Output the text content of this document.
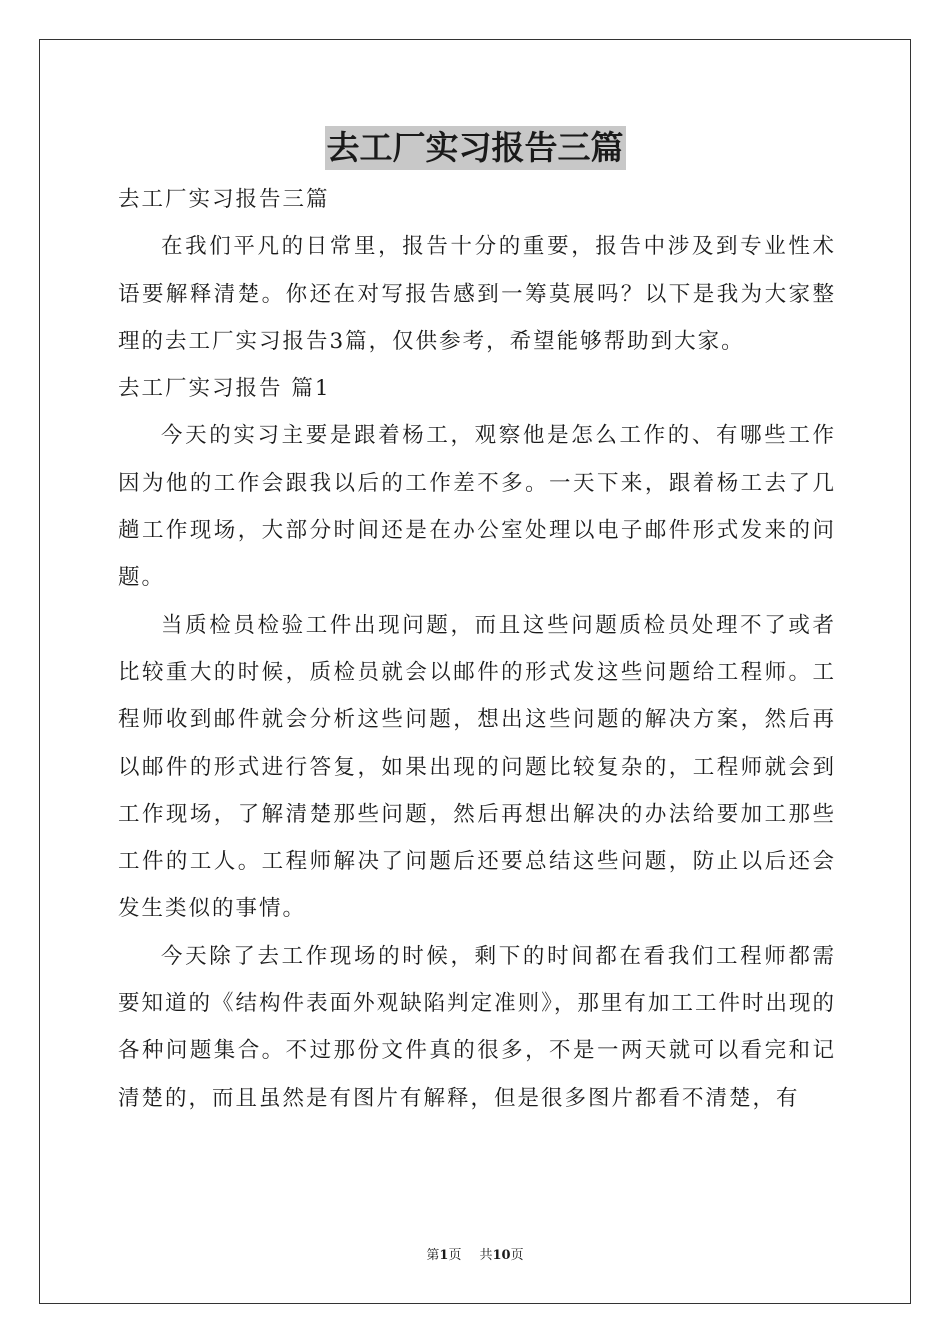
去工厂实习报告三篇

去工厂实习报告三篇

在我们平凡的日常里，报告十分的重要，报告中涉及到专业性术语要解释清楚。你还在对写报告感到一筹莫展吗？以下是我为大家整理的去工厂实习报告3篇，仅供参考，希望能够帮助到大家。

去工厂实习报告 篇1

今天的实习主要是跟着杨工，观察他是怎么工作的、有哪些工作因为他的工作会跟我以后的工作差不多。一天下来，跟着杨工去了几趟工作现场，大部分时间还是在办公室处理以电子邮件形式发来的问题。

当质检员检验工件出现问题，而且这些问题质检员处理不了或者比较重大的时候，质检员就会以邮件的形式发这些问题给工程师。工程师收到邮件就会分析这些问题，想出这些问题的解决方案，然后再以邮件的形式进行答复，如果出现的问题比较复杂的，工程师就会到工作现场，了解清楚那些问题，然后再想出解决的办法给要加工那些工件的工人。工程师解决了问题后还要总结这些问题，防止以后还会发生类似的事情。

今天除了去工作现场的时候，剩下的时间都在看我们工程师都需要知道的《结构件表面外观缺陷判定准则》，那里有加工工件时出现的各种问题集合。不过那份文件真的很多，不是一两天就可以看完和记清楚的，而且虽然是有图片有解释，但是很多图片都看不清楚，有

第1页 共10页
